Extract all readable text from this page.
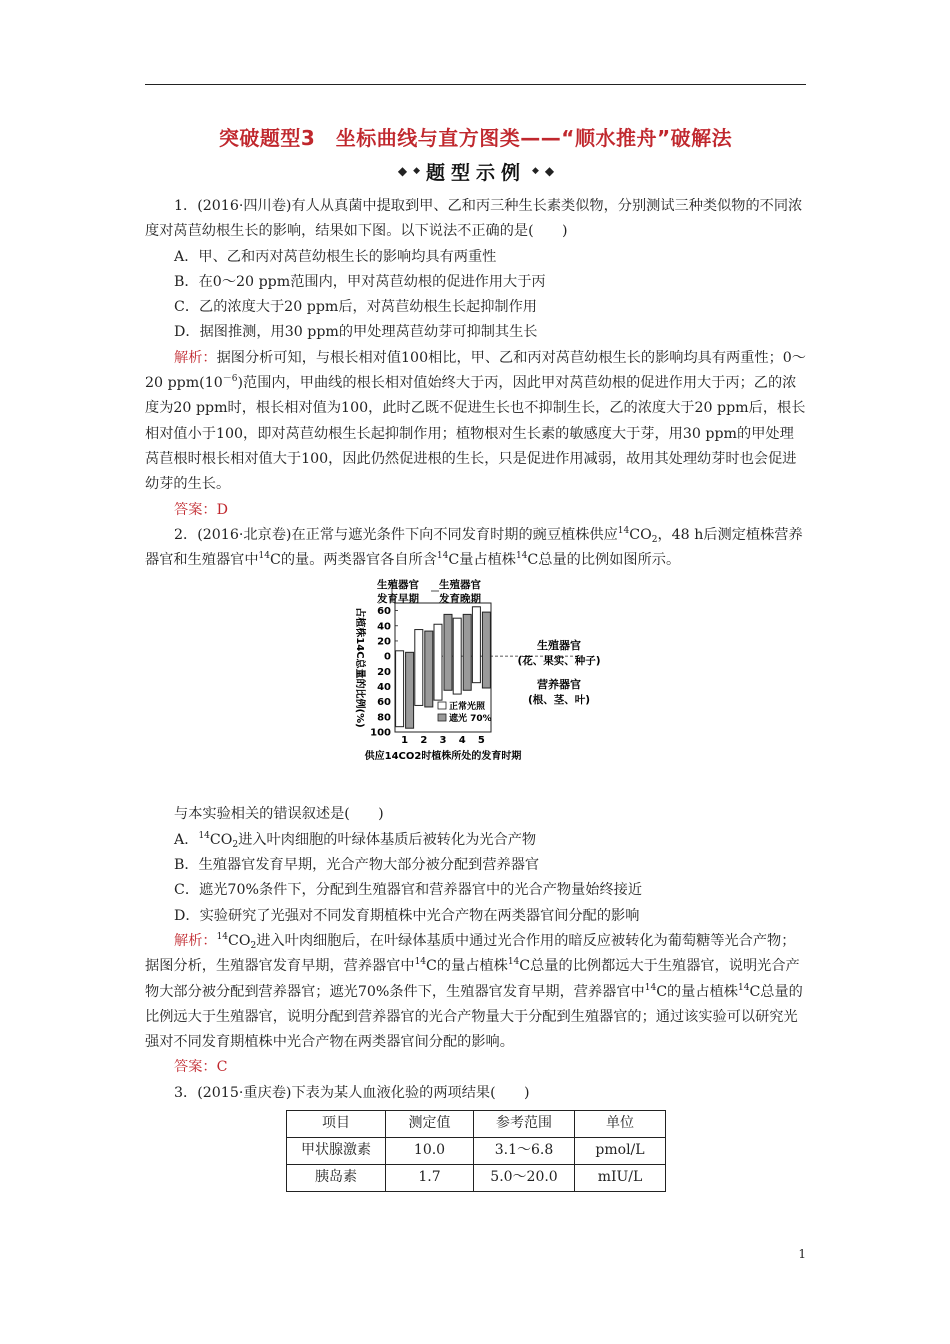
突破题型3　坐标曲线与直方图类——“顺水推舟”破解法
◆ ◆ 题型示例 ◆ ◆

1．(2016·四川卷)有人从真菌中提取到甲、乙和丙三种生长素类似物，分别测试三种类似物的不同浓度对莴苣幼根生长的影响，结果如下图。以下说法不正确的是(　　)

A．甲、乙和丙对莴苣幼根生长的影响均具有两重性

B．在0～20 ppm范围内，甲对莴苣幼根的促进作用大于丙

C．乙的浓度大于20 ppm后，对莴苣幼根生长起抑制作用

D．据图推测，用30 ppm的甲处理莴苣幼芽可抑制其生长

解析：据图分析可知，与根长相对值100相比，甲、乙和丙对莴苣幼根生长的影响均具有两重性；0～20 $ppm(10^{-6})$范围内，甲曲线的根长相对值始终大于丙，因此甲对莴苣幼根的促进作用大于丙；乙的浓度为20 ppm时，根长相对值为100，此时乙既不促进生长也不抑制生长，乙的浓度大于20 ppm后，根长相对值小于100，即对莴苣幼根生长起抑制作用；植物根对生长素的敏感度大于芽，用30 ppm的甲处理莴苣根时根长相对值大于100，因此仍然促进根的生长，只是促进作用减弱，故用其处理幼芽时也会促进幼芽的生长。

答案：D

2．(2016·北京卷)在正常与遮光条件下向不同发育时期的豌豆植株供应$^{14}CO_2$，48 h后测定植株营养器官和生殖器官中$^{14}$C的量。两类器官各自所含$^{14}$C量占植株$^{14}$C总量的比例如图所示。

生殖器官
发育早期
生殖器官
发育晚期
60
40
20
0
20
40
60
80
100
1 2 3 4 5
正常光照
遮光 70%
生殖器官
(花、果实、种子)
营养器官
(根、茎、叶)
占植株14C总量的比例(%)
供应14CO2时植株所处的发育时期

与本实验相关的错误叙述是(　　)

A．$^{14}CO_2$进入叶肉细胞的叶绿体基质后被转化为光合产物

B．生殖器官发育早期，光合产物大部分被分配到营养器官

C．遮光70%条件下，分配到生殖器官和营养器官中的光合产物量始终接近

D．实验研究了光强对不同发育期植株中光合产物在两类器官间分配的影响

解析：$^{14}CO_2$进入叶肉细胞后，在叶绿体基质中通过光合作用的暗反应被转化为葡萄糖等光合产物；据图分析，生殖器官发育早期，营养器官中$^{14}$C的量占植株$^{14}$C总量的比例都远大于生殖器官，说明光合产物大部分被分配到营养器官；遮光70%条件下，生殖器官发育早期，营养器官中$^{14}$C的量占植株$^{14}$C总量的比例远大于生殖器官，说明分配到营养器官的光合产物量大于分配到生殖器官的；通过该实验可以研究光强对不同发育期植株中光合产物在两类器官间分配的影响。

答案：C

3．(2015·重庆卷)下表为某人血液化验的两项结果(　　)

项目	测定值	参考范围	单位
甲状腺激素	10.0	3.1～6.8	pmol/L
胰岛素	1.7	5.0～20.0	mIU/L
1
